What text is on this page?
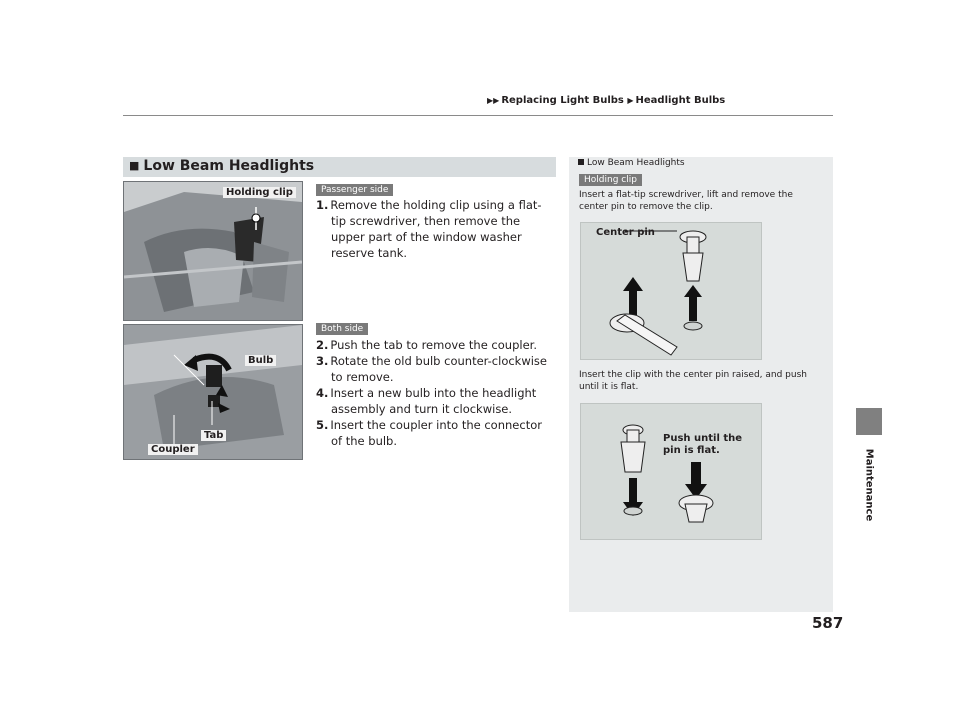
▶▶ Replacing Light Bulbs ▶ Headlight Bulbs
Maintenance
587
■ Low Beam Headlights
Holding clip
Bulb
Tab
Coupler
Passenger side
1. Remove the holding clip using a flat-tip screwdriver, then remove the upper part of the window washer reserve tank.
Both side
2. Push the tab to remove the coupler.
3. Rotate the old bulb counter-clockwise to remove.
4. Insert a new bulb into the headlight assembly and turn it clockwise.
5. Insert the coupler into the connector of the bulb.
Low Beam Headlights
Holding clip
Insert a flat-tip screwdriver, lift and remove the center pin to remove the clip.
Center pin
Insert the clip with the center pin raised, and push until it is flat.
Push until the pin is flat.
